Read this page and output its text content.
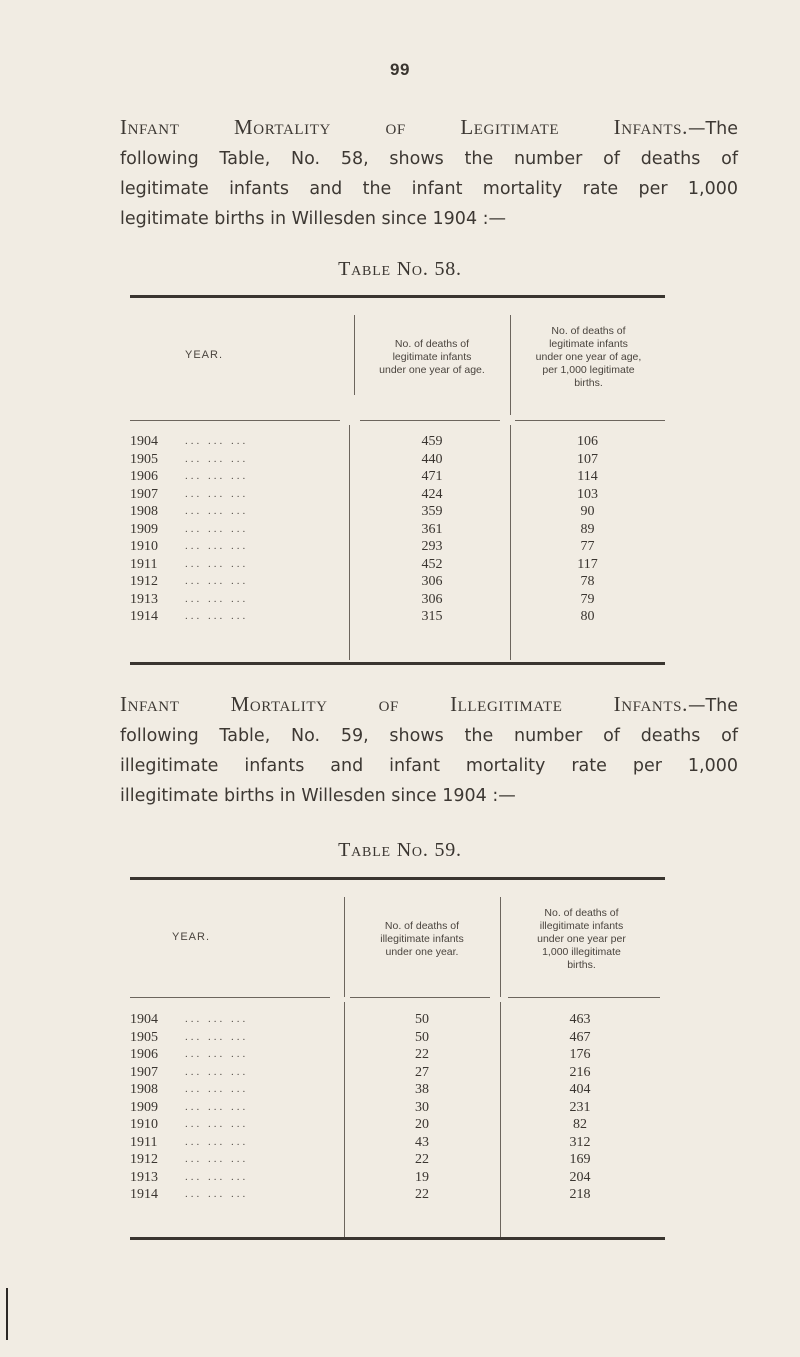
99
Infant Mortality of Legitimate Infants.—The
following Table, No. 58, shows the number of deaths of
legitimate infants and the infant mortality rate per 1,000
legitimate births in Willesden since 1904 :—
Table No. 58.
YEAR.
No. of deaths of
legitimate infants
under one year of age.
No. of deaths of
legitimate infants
under one year of age,
per 1,000 legitimate
births.
1904 ... ... ...	459	106
1905 ... ... ...	440	107
1906 ... ... ...	471	114
1907 ... ... ...	424	103
1908 ... ... ...	359	90
1909 ... ... ...	361	89
1910 ... ... ...	293	77
1911	... ... ...	452	117
1912 ... ... ...	306	78
1913 ... ... ...	306	79
1914 ... ... ...	315	80
Infant Mortality of Illegitimate Infants.—The
following Table, No. 59, shows the number of deaths of
illegitimate infants and infant mortality rate per 1,000
illegitimate births in Willesden since 1904 :—
Table No. 59.
YEAR.
No. of deaths of
illegitimate infants
under one year.
No. of deaths of
illegitimate infants
under one year per
1,000 illegitimate
births.
1904 ... ... ...	50	463
1905 ... ... ...	50	467
1906 ... ... ...	22	176
1907 ... ... ...	27	216
1908 ... ... ...	38	404
1909 ... ... ...	30	231
1910 ... ... ...	20	82
1911	... ... ...	43	312
1912 ... ... ...	22	169
1913 ... ... ...	19	204
1914 ... ... ...	22	218
